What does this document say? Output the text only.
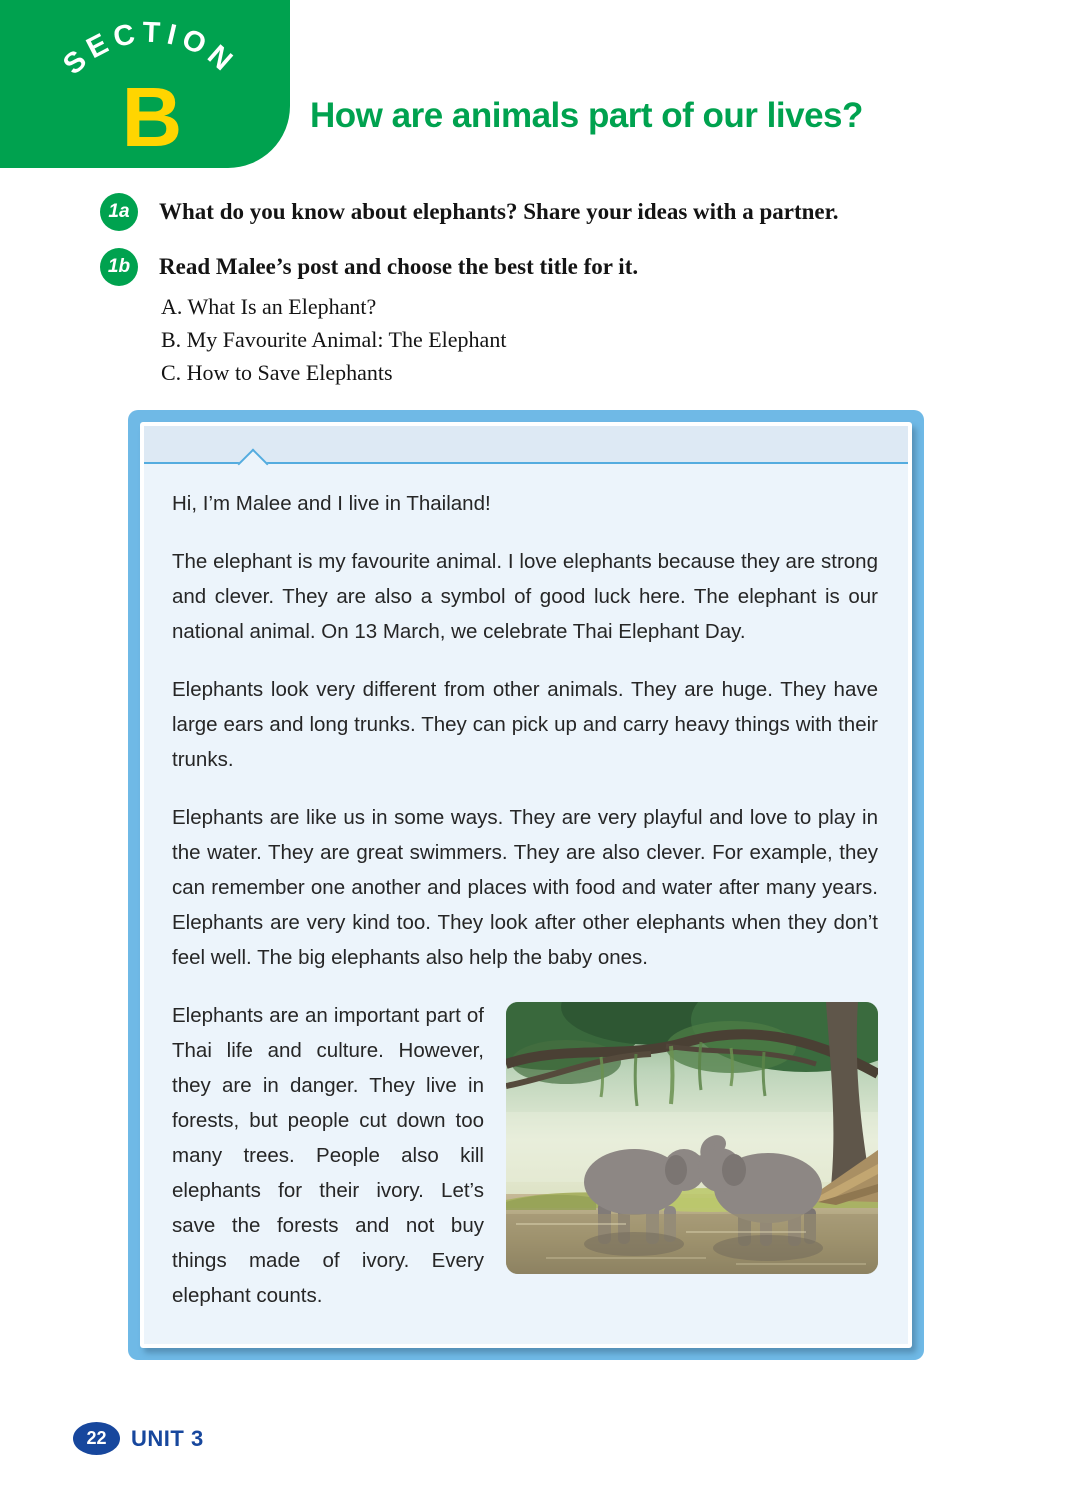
SECTION
B	How are animals part of our lives?
1a	What do you know about elephants? Share your ideas with a partner.
1b	Read Malee’s post and choose the best title for it.
A. What Is an Elephant?
B. My Favourite Animal: The Elephant
C. How to Save Elephants

Hi, I’m Malee and I live in Thailand!

The elephant is my favourite animal. I love elephants because they are strong and clever. They are also a symbol of good luck here. The elephant is our national animal. On 13 March, we celebrate Thai Elephant Day.

Elephants look very different from other animals. They are huge. They have large ears and long trunks. They can pick up and carry heavy things with their trunks.

Elephants are like us in some ways. They are very playful and love to play in the water. They are great swimmers. They are also clever. For example, they can remember one another and places with food and water after many years. Elephants are very kind too. They look after other elephants when they don’t feel well. The big elephants also help the baby ones.

Elephants are an important part of Thai life and culture. However, they are in danger. They live in forests, but people cut down too many trees. People also kill elephants for their ivory. Let’s save the forests and not buy things made of ivory. Every elephant counts.

22 UNIT 3
